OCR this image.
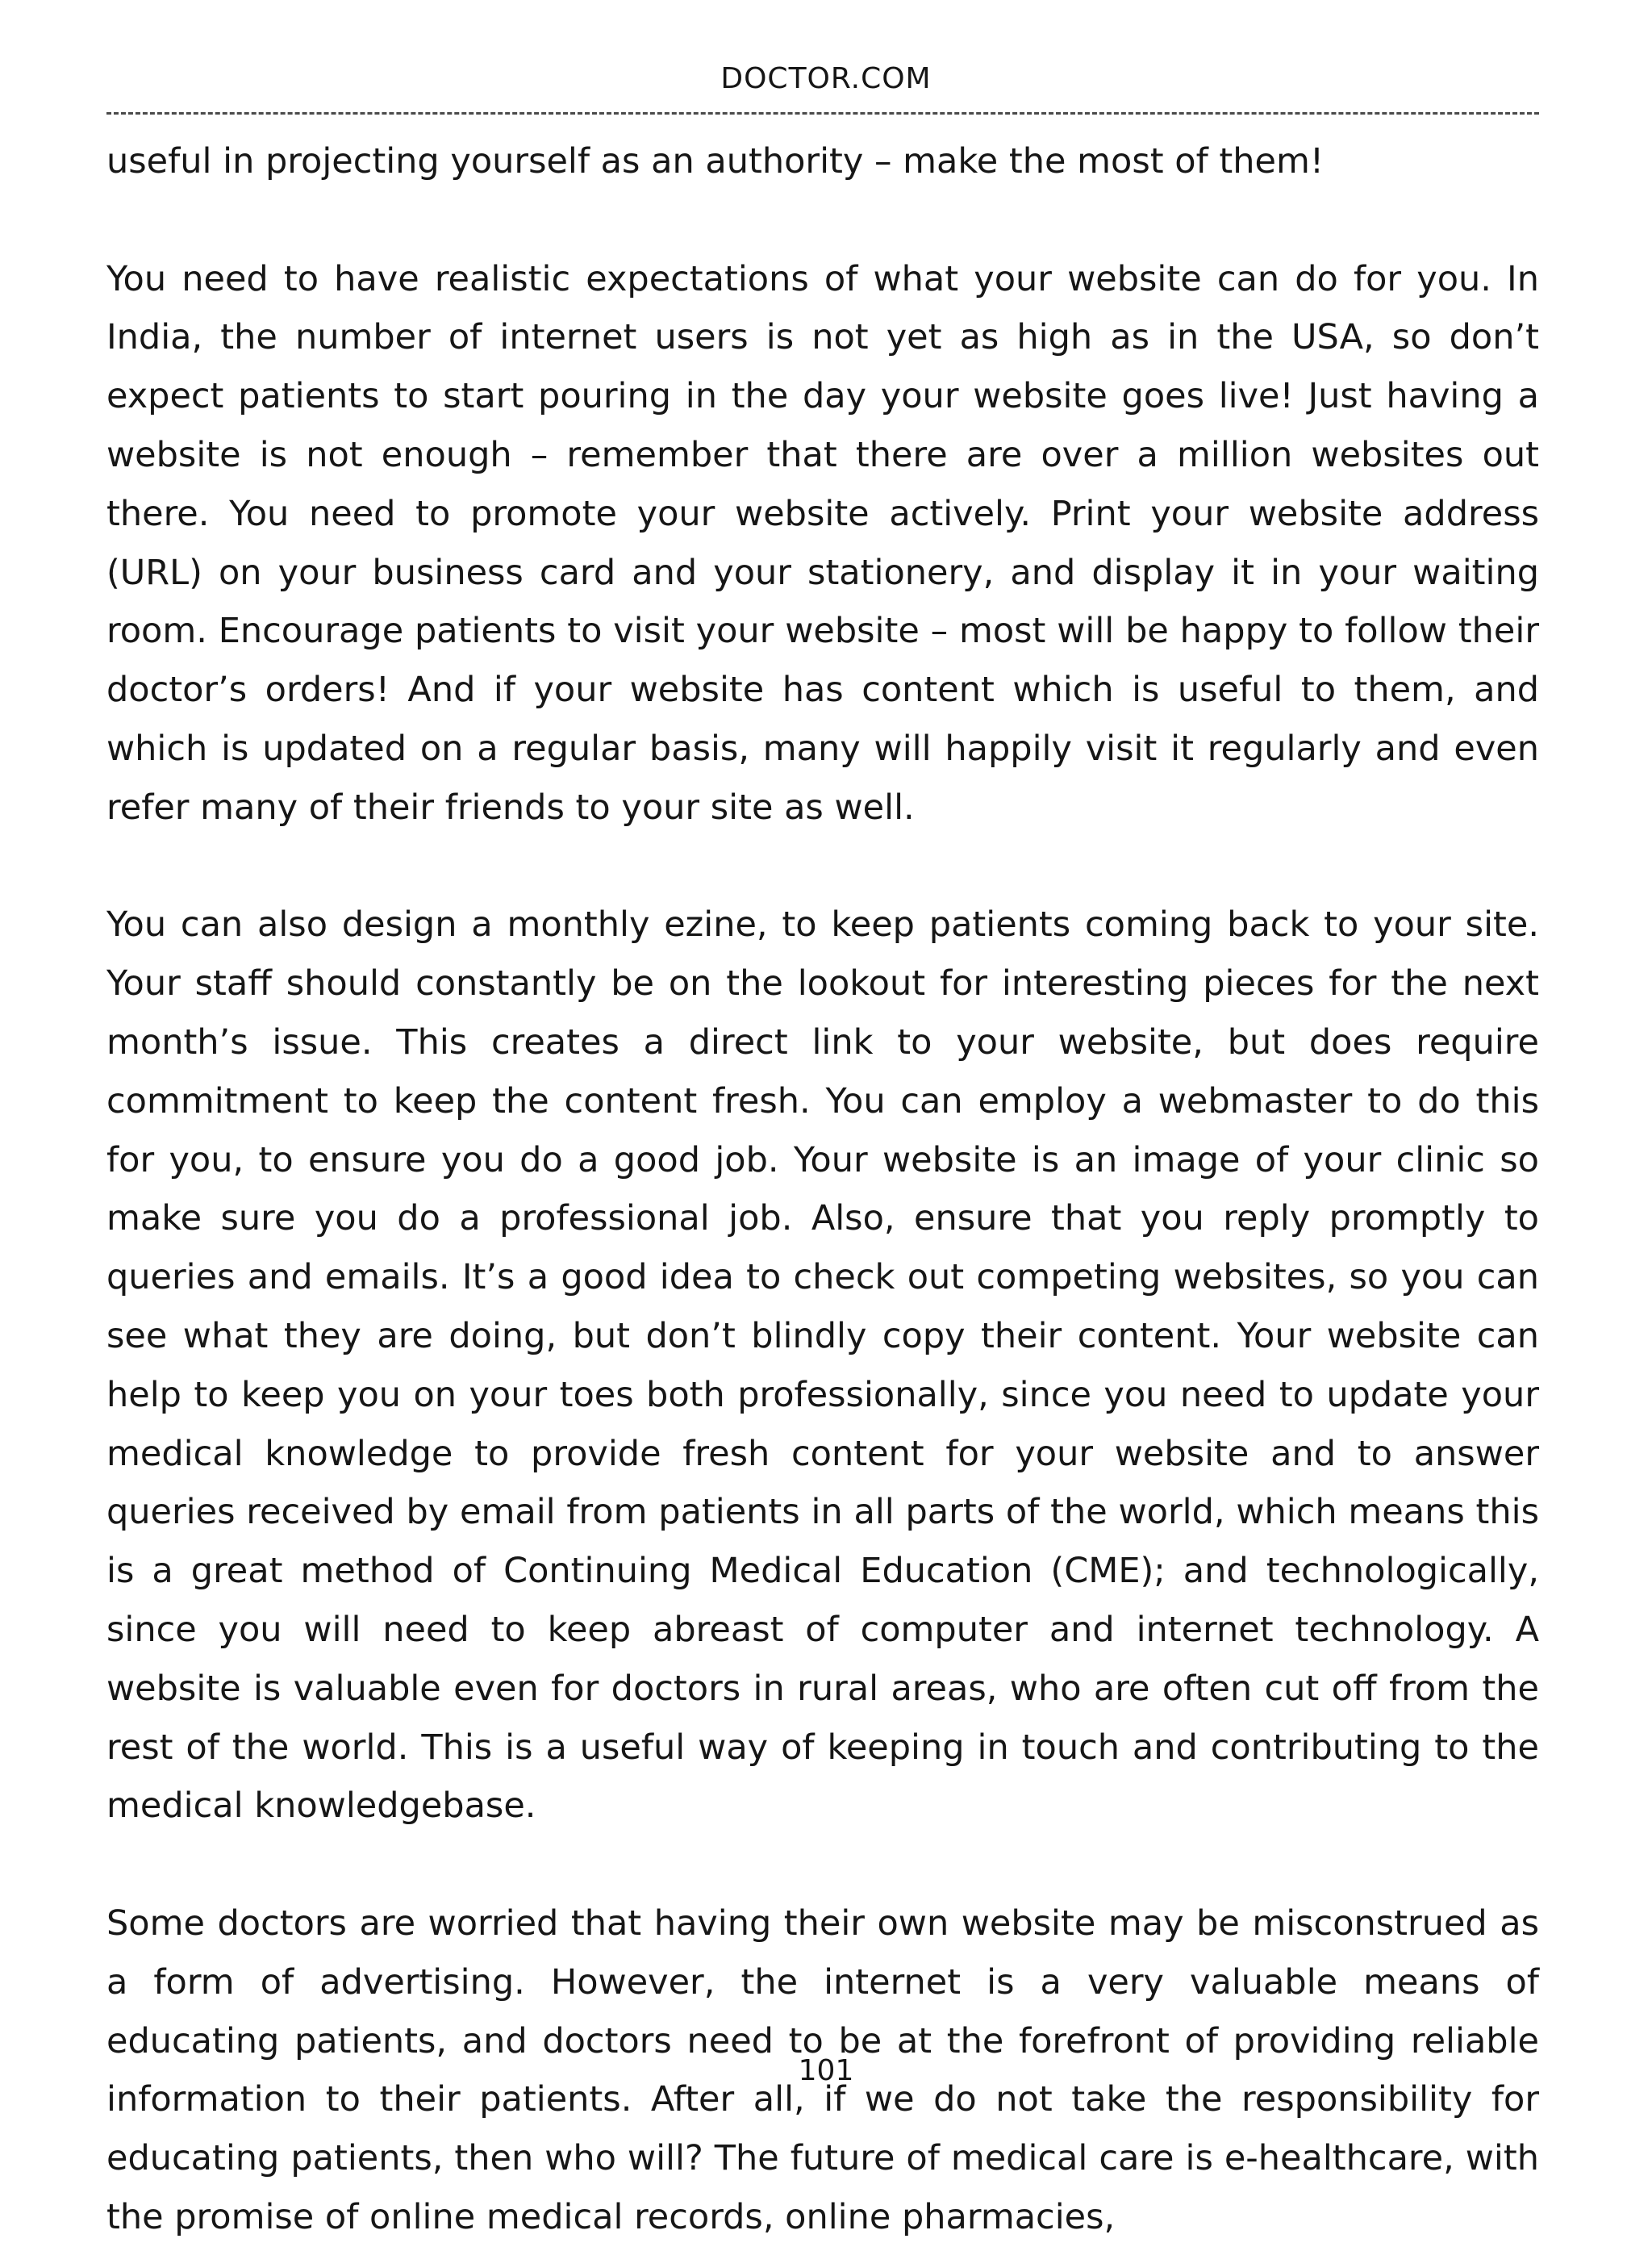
DOCTOR.COM

useful in projecting yourself as an authority – make the most of them!

You need to have realistic expectations of what your website can do for you. In India, the number of internet users is not yet as high as in the USA, so don’t expect patients to start pouring in the day your website goes live! Just having a website is not enough – remember that there are over a million websites out there. You need to promote your website actively. Print your website address (URL) on your business card and your stationery, and display it in your waiting room. Encourage patients to visit your website – most will be happy to follow their doctor’s orders! And if your website has content which is useful to them, and which is updated on a regular basis, many will happily visit it regularly and even refer many of their friends to your site as well.

You can also design a monthly ezine, to keep patients coming back to your site. Your staff should constantly be on the lookout for interesting pieces for the next month’s issue. This creates a direct link to your website, but does require commitment to keep the content fresh. You can employ a webmaster to do this for you, to ensure you do a good job. Your website is an image of your clinic so make sure you do a professional job. Also, ensure that you reply promptly to queries and emails. It’s a good idea to check out competing websites, so you can see what they are doing, but don’t blindly copy their content. Your website can help to keep you on your toes both professionally, since you need to update your medical knowledge to provide fresh content for your website and to answer queries received by email from patients in all parts of the world, which means this is a great method of Continuing Medical Education (CME); and technologically, since you will need to keep abreast of computer and internet technology. A website is valuable even for doctors in rural areas, who are often cut off from the rest of the world. This is a useful way of keeping in touch and contributing to the medical knowledgebase.

Some doctors are worried that having their own website may be misconstrued as a form of advertising. However, the internet is a very valuable means of educating patients, and doctors need to be at the forefront of providing reliable information to their patients. After all, if we do not take the responsibility for educating patients, then who will? The future of medical care is e-healthcare, with the promise of online medical records, online pharmacies,

101
